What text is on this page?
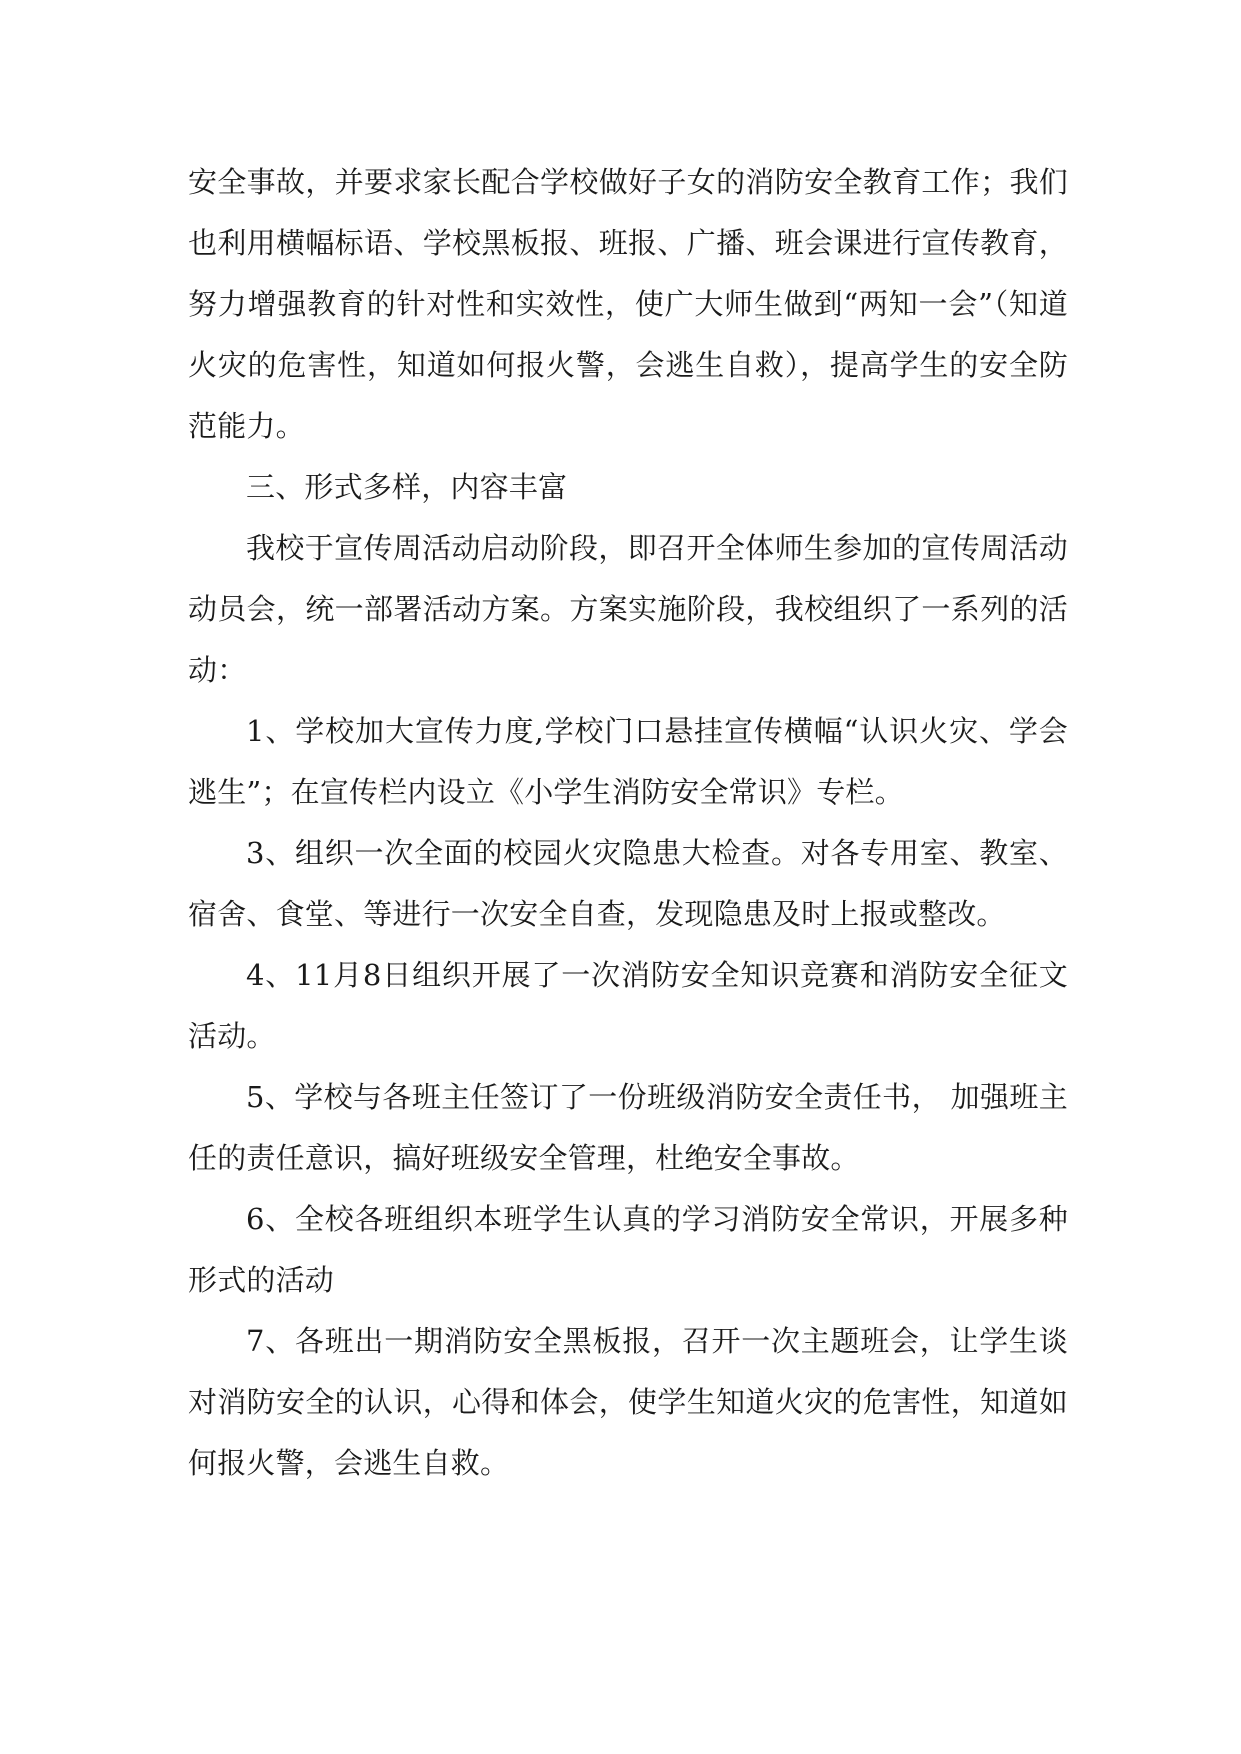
安全事故，并要求家长配合学校做好子女的消防安全教育工作；我们也利用横幅标语、学校黑板报、班报、广播、班会课进行宣传教育，努力增强教育的针对性和实效性，使广大师生做到“两知一会”（知道火灾的危害性，知道如何报火警，会逃生自救），提高学生的安全防范能力。

三、形式多样，内容丰富

我校于宣传周活动启动阶段，即召开全体师生参加的宣传周活动动员会，统一部署活动方案。方案实施阶段，我校组织了一系列的活动：

1、学校加大宣传力度,学校门口悬挂宣传横幅“认识火灾、学会逃生”；在宣传栏内设立《小学生消防安全常识》专栏。

3、组织一次全面的校园火灾隐患大检查。对各专用室、教室、宿舍、食堂、等进行一次安全自查，发现隐患及时上报或整改。

4、11月8日组织开展了一次消防安全知识竞赛和消防安全征文活动。

5、学校与各班主任签订了一份班级消防安全责任书， 加强班主任的责任意识，搞好班级安全管理，杜绝安全事故。

6、全校各班组织本班学生认真的学习消防安全常识，开展多种形式的活动

7、各班出一期消防安全黑板报，召开一次主题班会，让学生谈对消防安全的认识，心得和体会，使学生知道火灾的危害性，知道如何报火警，会逃生自救。
